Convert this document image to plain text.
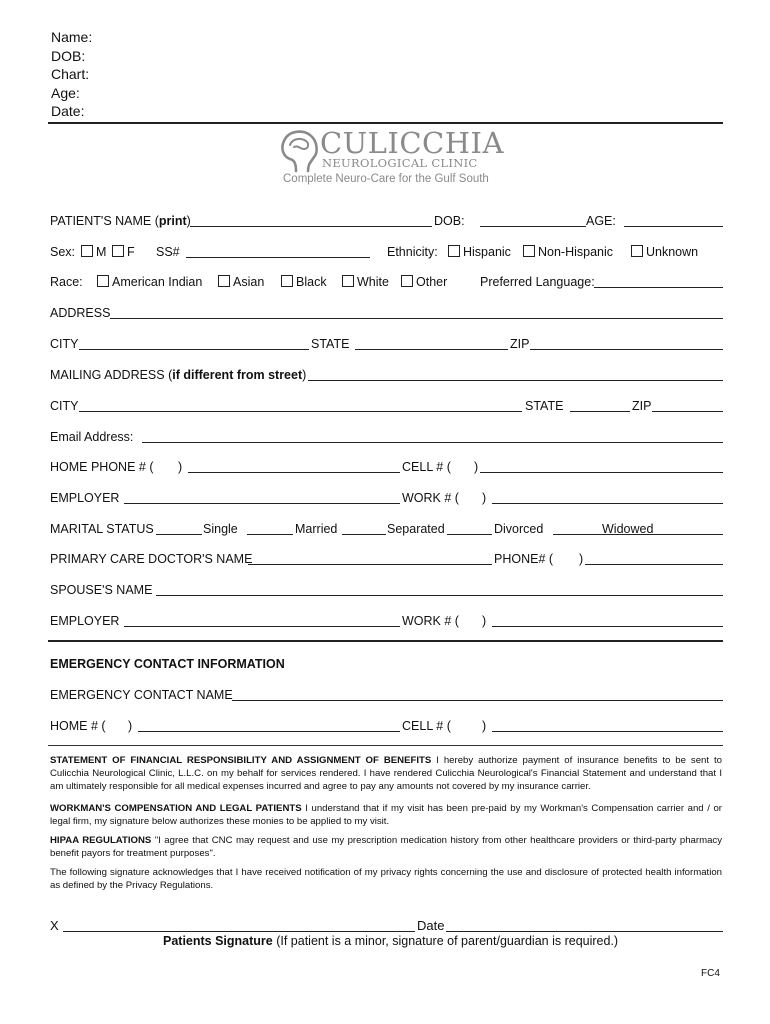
Name:
DOB:
Chart:
Age:
Date:
CULICCHIA
NEUROLOGICAL CLINIC
Complete Neuro-Care for the Gulf South
PATIENT'S NAME (print)	DOB:	AGE:
Sex:	M	F SS#	Ethnicity:	Hispanic	Non-Hispanic	Unknown
Race:	American Indian	Asian	Black	White	Other	Preferred Language:
ADDRESS
CITY	STATE	ZIP
MAILING ADDRESS (if different from street)
CITY	STATE	ZIP
Email Address:
HOME PHONE # ( )	CELL # ( )
EMPLOYER	WORK # ( )
MARITAL STATUS	Single	Married	Separated	Divorced	Widowed
PRIMARY CARE DOCTOR'S NAME	PHONE# ( )
SPOUSE'S NAME
EMPLOYER	WORK # ( )
EMERGENCY CONTACT INFORMATION
EMERGENCY CONTACT NAME
HOME # ( )	CELL # ( )
STATEMENT OF FINANCIAL RESPONSIBILITY AND ASSIGNMENT OF BENEFITS I hereby authorize payment of insurance benefits to be sent to Culicchia Neurological Clinic, L.L.C. on my behalf for services rendered. I have rendered Culicchia Neurological's Financial Statement and understand that I am ultimately responsible for all medical expenses incurred and agree to pay any amounts not covered by my insurance carrier.
WORKMAN'S COMPENSATION AND LEGAL PATIENTS I understand that if my visit has been pre-paid by my Workman's Compensation carrier and / or legal firm, my signature below authorizes these monies to be applied to my visit.
HIPAA REGULATIONS "I agree that CNC may request and use my prescription medication history from other healthcare providers or third-party pharmacy benefit payors for treatment purposes".
The following signature acknowledges that I have received notification of my privacy rights concerning the use and disclosure of protected health information as defined by the Privacy Regulations.
X	Date
Patients Signature (If patient is a minor, signature of parent/guardian is required.)
FC4
